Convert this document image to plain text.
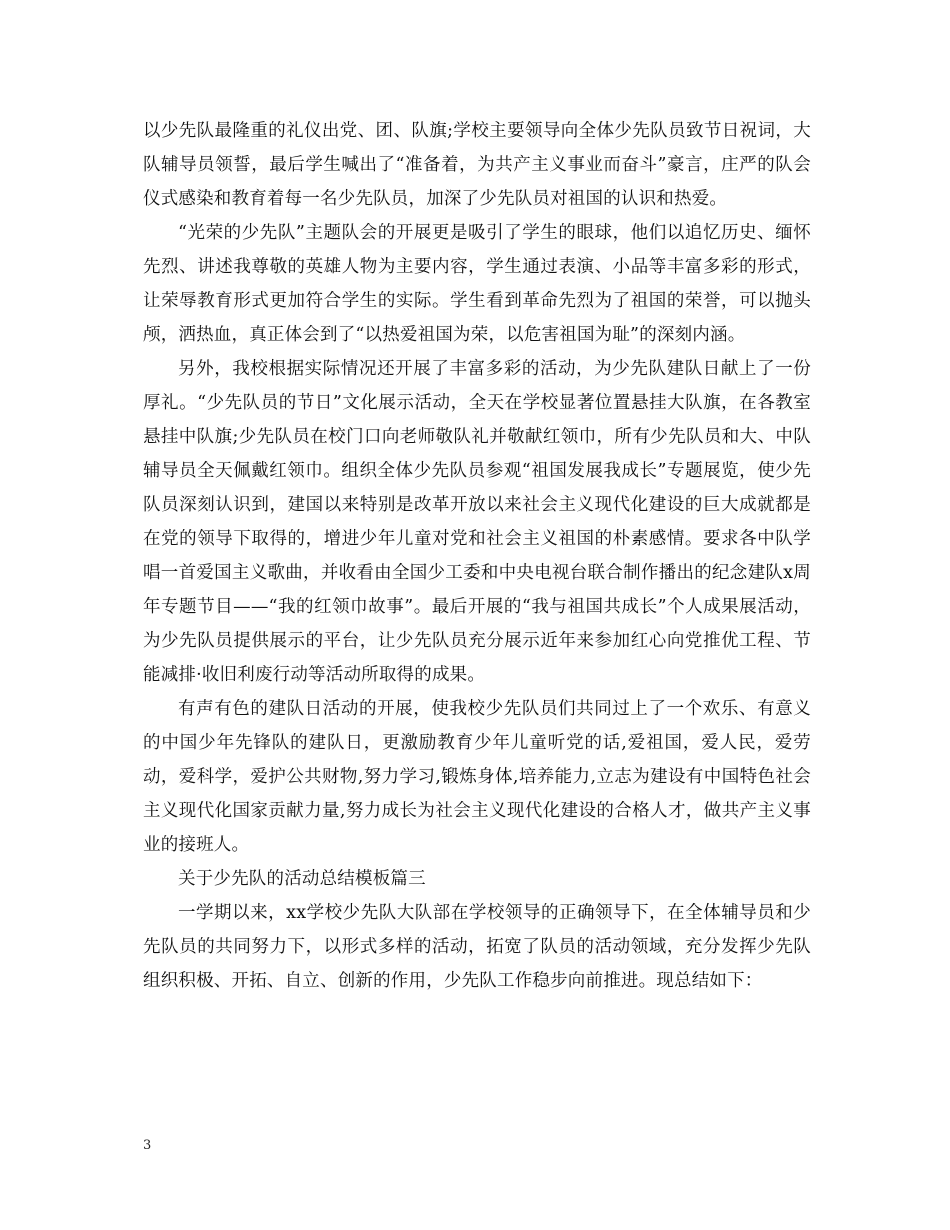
以少先队最隆重的礼仪出党、团、队旗;学校主要领导向全体少先队员致节日祝词，大队辅导员领誓，最后学生喊出了“准备着，为共产主义事业而奋斗”豪言，庄严的队会仪式感染和教育着每一名少先队员，加深了少先队员对祖国的认识和热爱。

“光荣的少先队”主题队会的开展更是吸引了学生的眼球，他们以追忆历史、缅怀先烈、讲述我尊敬的英雄人物为主要内容，学生通过表演、小品等丰富多彩的形式，让荣辱教育形式更加符合学生的实际。学生看到革命先烈为了祖国的荣誉，可以抛头颅，洒热血，真正体会到了“以热爱祖国为荣，以危害祖国为耻”的深刻内涵。

另外，我校根据实际情况还开展了丰富多彩的活动，为少先队建队日献上了一份厚礼。“少先队员的节日”文化展示活动，全天在学校显著位置悬挂大队旗，在各教室悬挂中队旗;少先队员在校门口向老师敬队礼并敬献红领巾，所有少先队员和大、中队辅导员全天佩戴红领巾。组织全体少先队员参观“祖国发展我成长”专题展览，使少先队员深刻认识到，建国以来特别是改革开放以来社会主义现代化建设的巨大成就都是在党的领导下取得的，增进少年儿童对党和社会主义祖国的朴素感情。要求各中队学唱一首爱国主义歌曲，并收看由全国少工委和中央电视台联合制作播出的纪念建队x周年专题节目——“我的红领巾故事”。最后开展的“我与祖国共成长”个人成果展活动，为少先队员提供展示的平台，让少先队员充分展示近年来参加红心向党推优工程、节能减排·收旧利废行动等活动所取得的成果。

有声有色的建队日活动的开展，使我校少先队员们共同过上了一个欢乐、有意义的中国少年先锋队的建队日，更激励教育少年儿童听党的话,爱祖国，爱人民，爱劳动，爱科学，爱护公共财物,努力学习,锻炼身体,培养能力,立志为建设有中国特色社会主义现代化国家贡献力量,努力成长为社会主义现代化建设的合格人才，做共产主义事业的接班人。

关于少先队的活动总结模板篇三

一学期以来，xx学校少先队大队部在学校领导的正确领导下，在全体辅导员和少先队员的共同努力下，以形式多样的活动，拓宽了队员的活动领域，充分发挥少先队组织积极、开拓、自立、创新的作用，少先队工作稳步向前推进。现总结如下：

3
